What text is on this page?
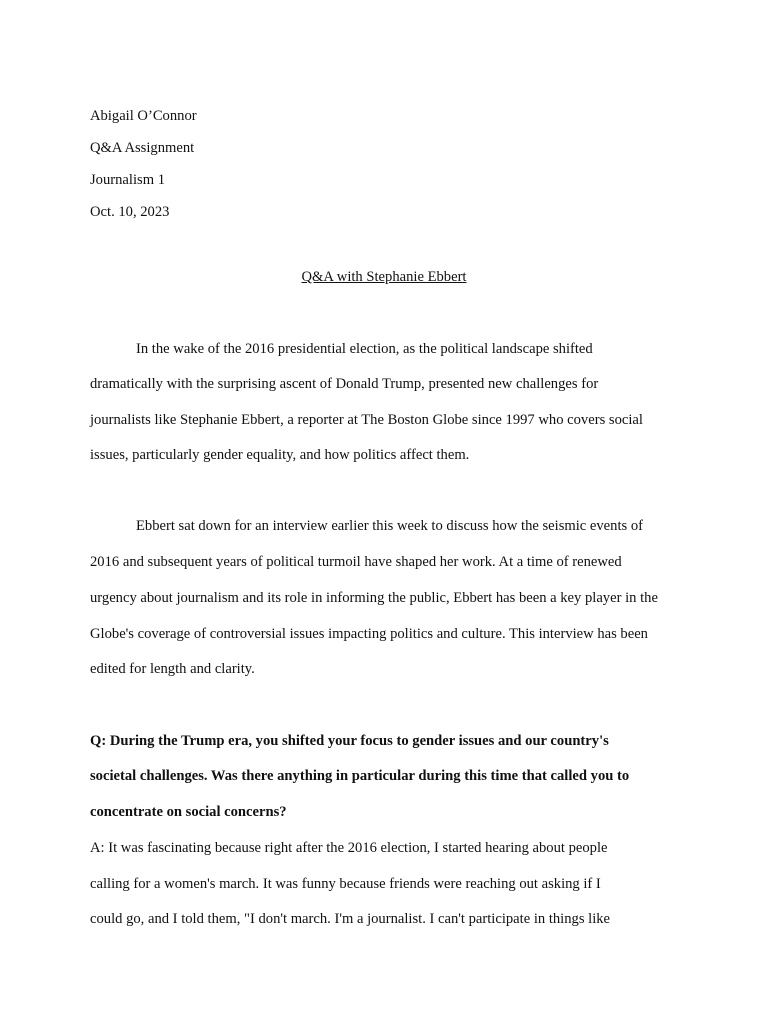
Abigail O’Connor
Q&A Assignment
Journalism 1
Oct. 10, 2023
Q&A with Stephanie Ebbert
In the wake of the 2016 presidential election, as the political landscape shifted
dramatically with the surprising ascent of Donald Trump, presented new challenges for
journalists like Stephanie Ebbert, a reporter at The Boston Globe since 1997 who covers social
issues, particularly gender equality, and how politics affect them.
Ebbert sat down for an interview earlier this week to discuss how the seismic events of
2016 and subsequent years of political turmoil have shaped her work. At a time of renewed
urgency about journalism and its role in informing the public, Ebbert has been a key player in the
Globe's coverage of controversial issues impacting politics and culture. This interview has been
edited for length and clarity.
Q: During the Trump era, you shifted your focus to gender issues and our country's
societal challenges. Was there anything in particular during this time that called you to
concentrate on social concerns?
A: It was fascinating because right after the 2016 election, I started hearing about people
calling for a women's march. It was funny because friends were reaching out asking if I
could go, and I told them, "I don't march. I'm a journalist. I can't participate in things like
